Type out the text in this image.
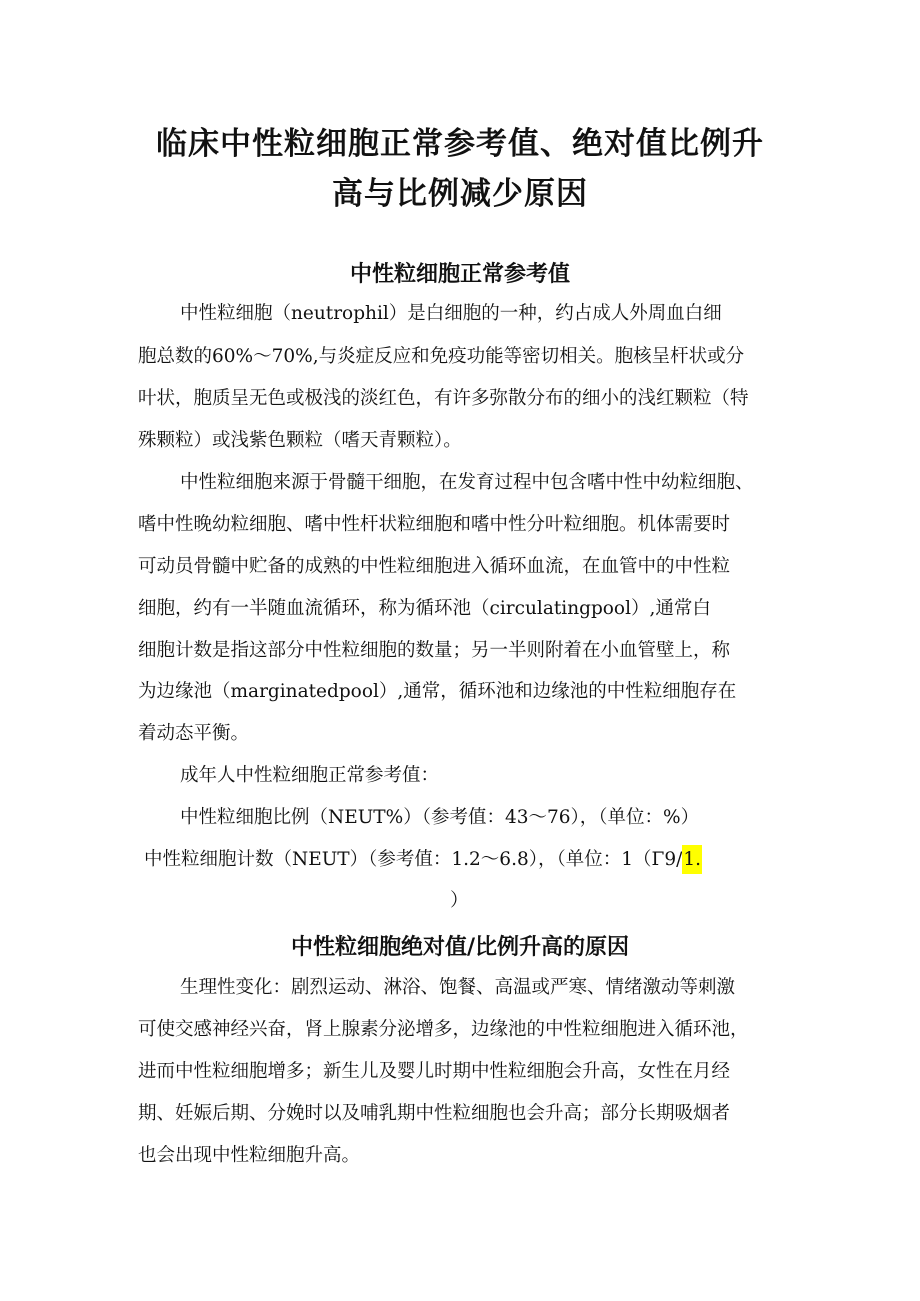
临床中性粒细胞正常参考值、绝对值比例升
高与比例减少原因
中性粒细胞正常参考值

中性粒细胞（neutrophil）是白细胞的一种，约占成人外周血白细

胞总数的60%～70%,与炎症反应和免疫功能等密切相关。胞核呈杆状或分

叶状，胞质呈无色或极浅的淡红色，有许多弥散分布的细小的浅红颗粒（特

殊颗粒）或浅紫色颗粒（嗜天青颗粒）。

中性粒细胞来源于骨髓干细胞，在发育过程中包含嗜中性中幼粒细胞、

嗜中性晚幼粒细胞、嗜中性杆状粒细胞和嗜中性分叶粒细胞。机体需要时

可动员骨髓中贮备的成熟的中性粒细胞进入循环血流，在血管中的中性粒

细胞，约有一半随血流循环，称为循环池（circulatingpool）,通常白

细胞计数是指这部分中性粒细胞的数量；另一半则附着在小血管壁上，称

为边缘池（marginatedpool）,通常，循环池和边缘池的中性粒细胞存在

着动态平衡。

成年人中性粒细胞正常参考值：

中性粒细胞比例（NEUT%）（参考值：43～76），（单位：%）

中性粒细胞计数（NEUT）（参考值：1.2～6.8），（单位：1（Γ9/1.

）

中性粒细胞绝对值/比例升高的原因

生理性变化：剧烈运动、淋浴、饱餐、高温或严寒、情绪激动等刺激

可使交感神经兴奋，肾上腺素分泌增多，边缘池的中性粒细胞进入循环池，

进而中性粒细胞增多；新生儿及婴儿时期中性粒细胞会升高，女性在月经

期、妊娠后期、分娩时以及哺乳期中性粒细胞也会升高；部分长期吸烟者

也会出现中性粒细胞升高。
